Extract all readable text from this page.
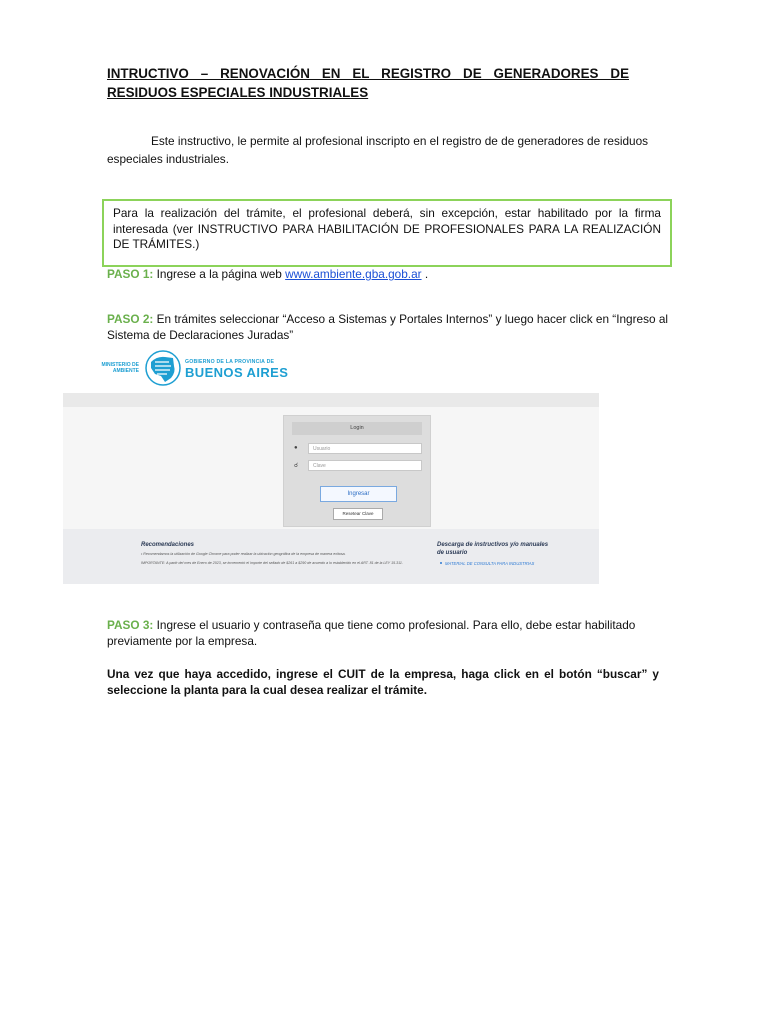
INTRUCTIVO – RENOVACIÓN EN EL REGISTRO DE GENERADORES DE RESIDUOS ESPECIALES INDUSTRIALES

Este instructivo, le permite al profesional inscripto en el registro de de generadores de residuos especiales industriales.

Para la realización del trámite, el profesional deberá, sin excepción, estar habilitado por la firma interesada (ver INSTRUCTIVO PARA HABILITACIÓN DE PROFESIONALES PARA LA REALIZACIÓN DE TRÁMITES.)

PASO 1: Ingrese a la página web www.ambiente.gba.gob.ar .

PASO 2: En trámites seleccionar “Acceso a Sistemas y Portales Internos” y luego hacer click en “Ingreso al Sistema de Declaraciones Juradas”

MINISTERIO DE AMBIENTE
GOBIERNO DE LA PROVINCIA DE
BUENOS AIRES
Login
●	Usuario
☌	Clave
Ingresar
Resetear Clave
Recomendaciones
• Recomendamos la utilización de Google Chrome para poder realizar la ubicación geográfica de la empresa de manera exitosa.
IMPORTANTE: A partir del mes de Enero de 2023, se incrementó el importe del sellado de $261 a $290 de acuerdo a lo establecido en el ART. 81 de la LEY 15.311.
Descarga de instructivos y/o manuales de usuario
MATERIAL DE CONSULTA PARA INDUSTRIAS

PASO 3: Ingrese el usuario y contraseña que tiene como profesional. Para ello, debe estar habilitado previamente por la empresa.

Una vez que haya accedido, ingrese el CUIT de la empresa, haga click en el botón “buscar” y seleccione la planta para la cual desea realizar el trámite.
